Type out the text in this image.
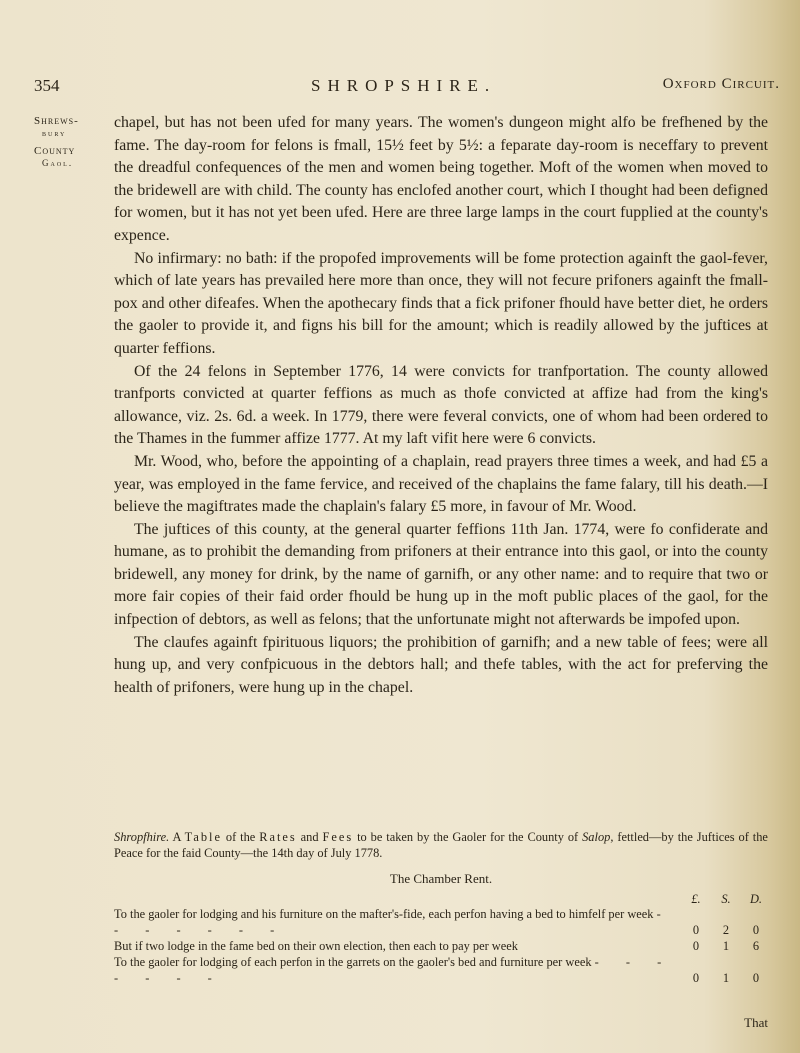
354	SHROPSHIRE.	Oxford Circuit.
Shrews-
bury
County
Gaol.

chapel, but has not been ufed for many years. The women's dungeon might alfo be frefhened by the fame. The day-room for felons is fmall, 15½ feet by 5½: a feparate day-room is neceffary to prevent the dreadful confequences of the men and women being together. Moft of the women when moved to the bridewell are with child. The county has enclofed another court, which I thought had been defigned for women, but it has not yet been ufed. Here are three large lamps in the court fupplied at the county's expence.

No infirmary: no bath: if the propofed improvements will be fome protection againft the gaol-fever, which of late years has prevailed here more than once, they will not fecure prifoners againft the fmall-pox and other difeafes. When the apothecary finds that a fick prifoner fhould have better diet, he orders the gaoler to provide it, and figns his bill for the amount; which is readily allowed by the juftices at quarter feffions.

Of the 24 felons in September 1776, 14 were convicts for tranfportation. The county allowed tranfports convicted at quarter feffions as much as thofe convicted at affize had from the king's allowance, viz. 2s. 6d. a week. In 1779, there were feveral convicts, one of whom had been ordered to the Thames in the fummer affize 1777. At my laft vifit here were 6 convicts.

Mr. Wood, who, before the appointing of a chaplain, read prayers three times a week, and had £5 a year, was employed in the fame fervice, and received of the chaplains the fame falary, till his death.—I believe the magiftrates made the chaplain's falary £5 more, in favour of Mr. Wood.

The juftices of this county, at the general quarter feffions 11th Jan. 1774, were fo confiderate and humane, as to prohibit the demanding from prifoners at their entrance into this gaol, or into the county bridewell, any money for drink, by the name of garnifh, or any other name: and to require that two or more fair copies of their faid order fhould be hung up in the moft public places of the gaol, for the infpection of debtors, as well as felons; that the unfortunate might not afterwards be impofed upon.

The claufes againft fpirituous liquors; the prohibition of garnifh; and a new table of fees; were all hung up, and very confpicuous in the debtors hall; and thefe tables, with the act for preferving the health of prifoners, were hung up in the chapel.

Shropfhire. A Table of the Rates and Fees to be taken by the Gaoler for the County of Salop, fettled—by the Juftices of the Peace for the faid County—the 14th day of July 1778.
The Chamber Rent.
£. S. D.
To the gaoler for lodging and his furniture on the mafter's-fide, each perfon having a bed to himfelf per week - - - - - - -	0	2	0
But if two lodge in the fame bed on their own election, then each to pay per week	0	1	6
To the gaoler for lodging of each perfon in the garrets on the gaoler's bed and furniture per week - - - - - - -	0	1	0
That
